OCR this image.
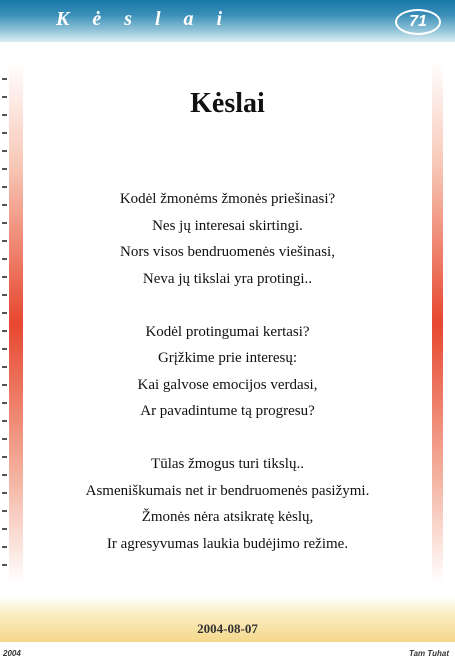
K ė s l a i	71
Kėslai
Kodėl žmonėms žmonės priešinasi?
Nes jų interesai skirtingi.
Nors visos bendruomenės viešinasi,
Neva jų tikslai yra protingi..
Kodėl protingumai kertasi?
Grįžkime prie interesų:
Kai galvose emocijos verdasi,
Ar pavadintume tą progresu?
Tūlas žmogus turi tikslų..
Asmeniškumais net ir bendruomenės pasižymi.
Žmonės nėra atsikratę kėslų,
Ir agresyvumas laukia budėjimo režime.
2004-08-07
2004	Tam Tuhat
